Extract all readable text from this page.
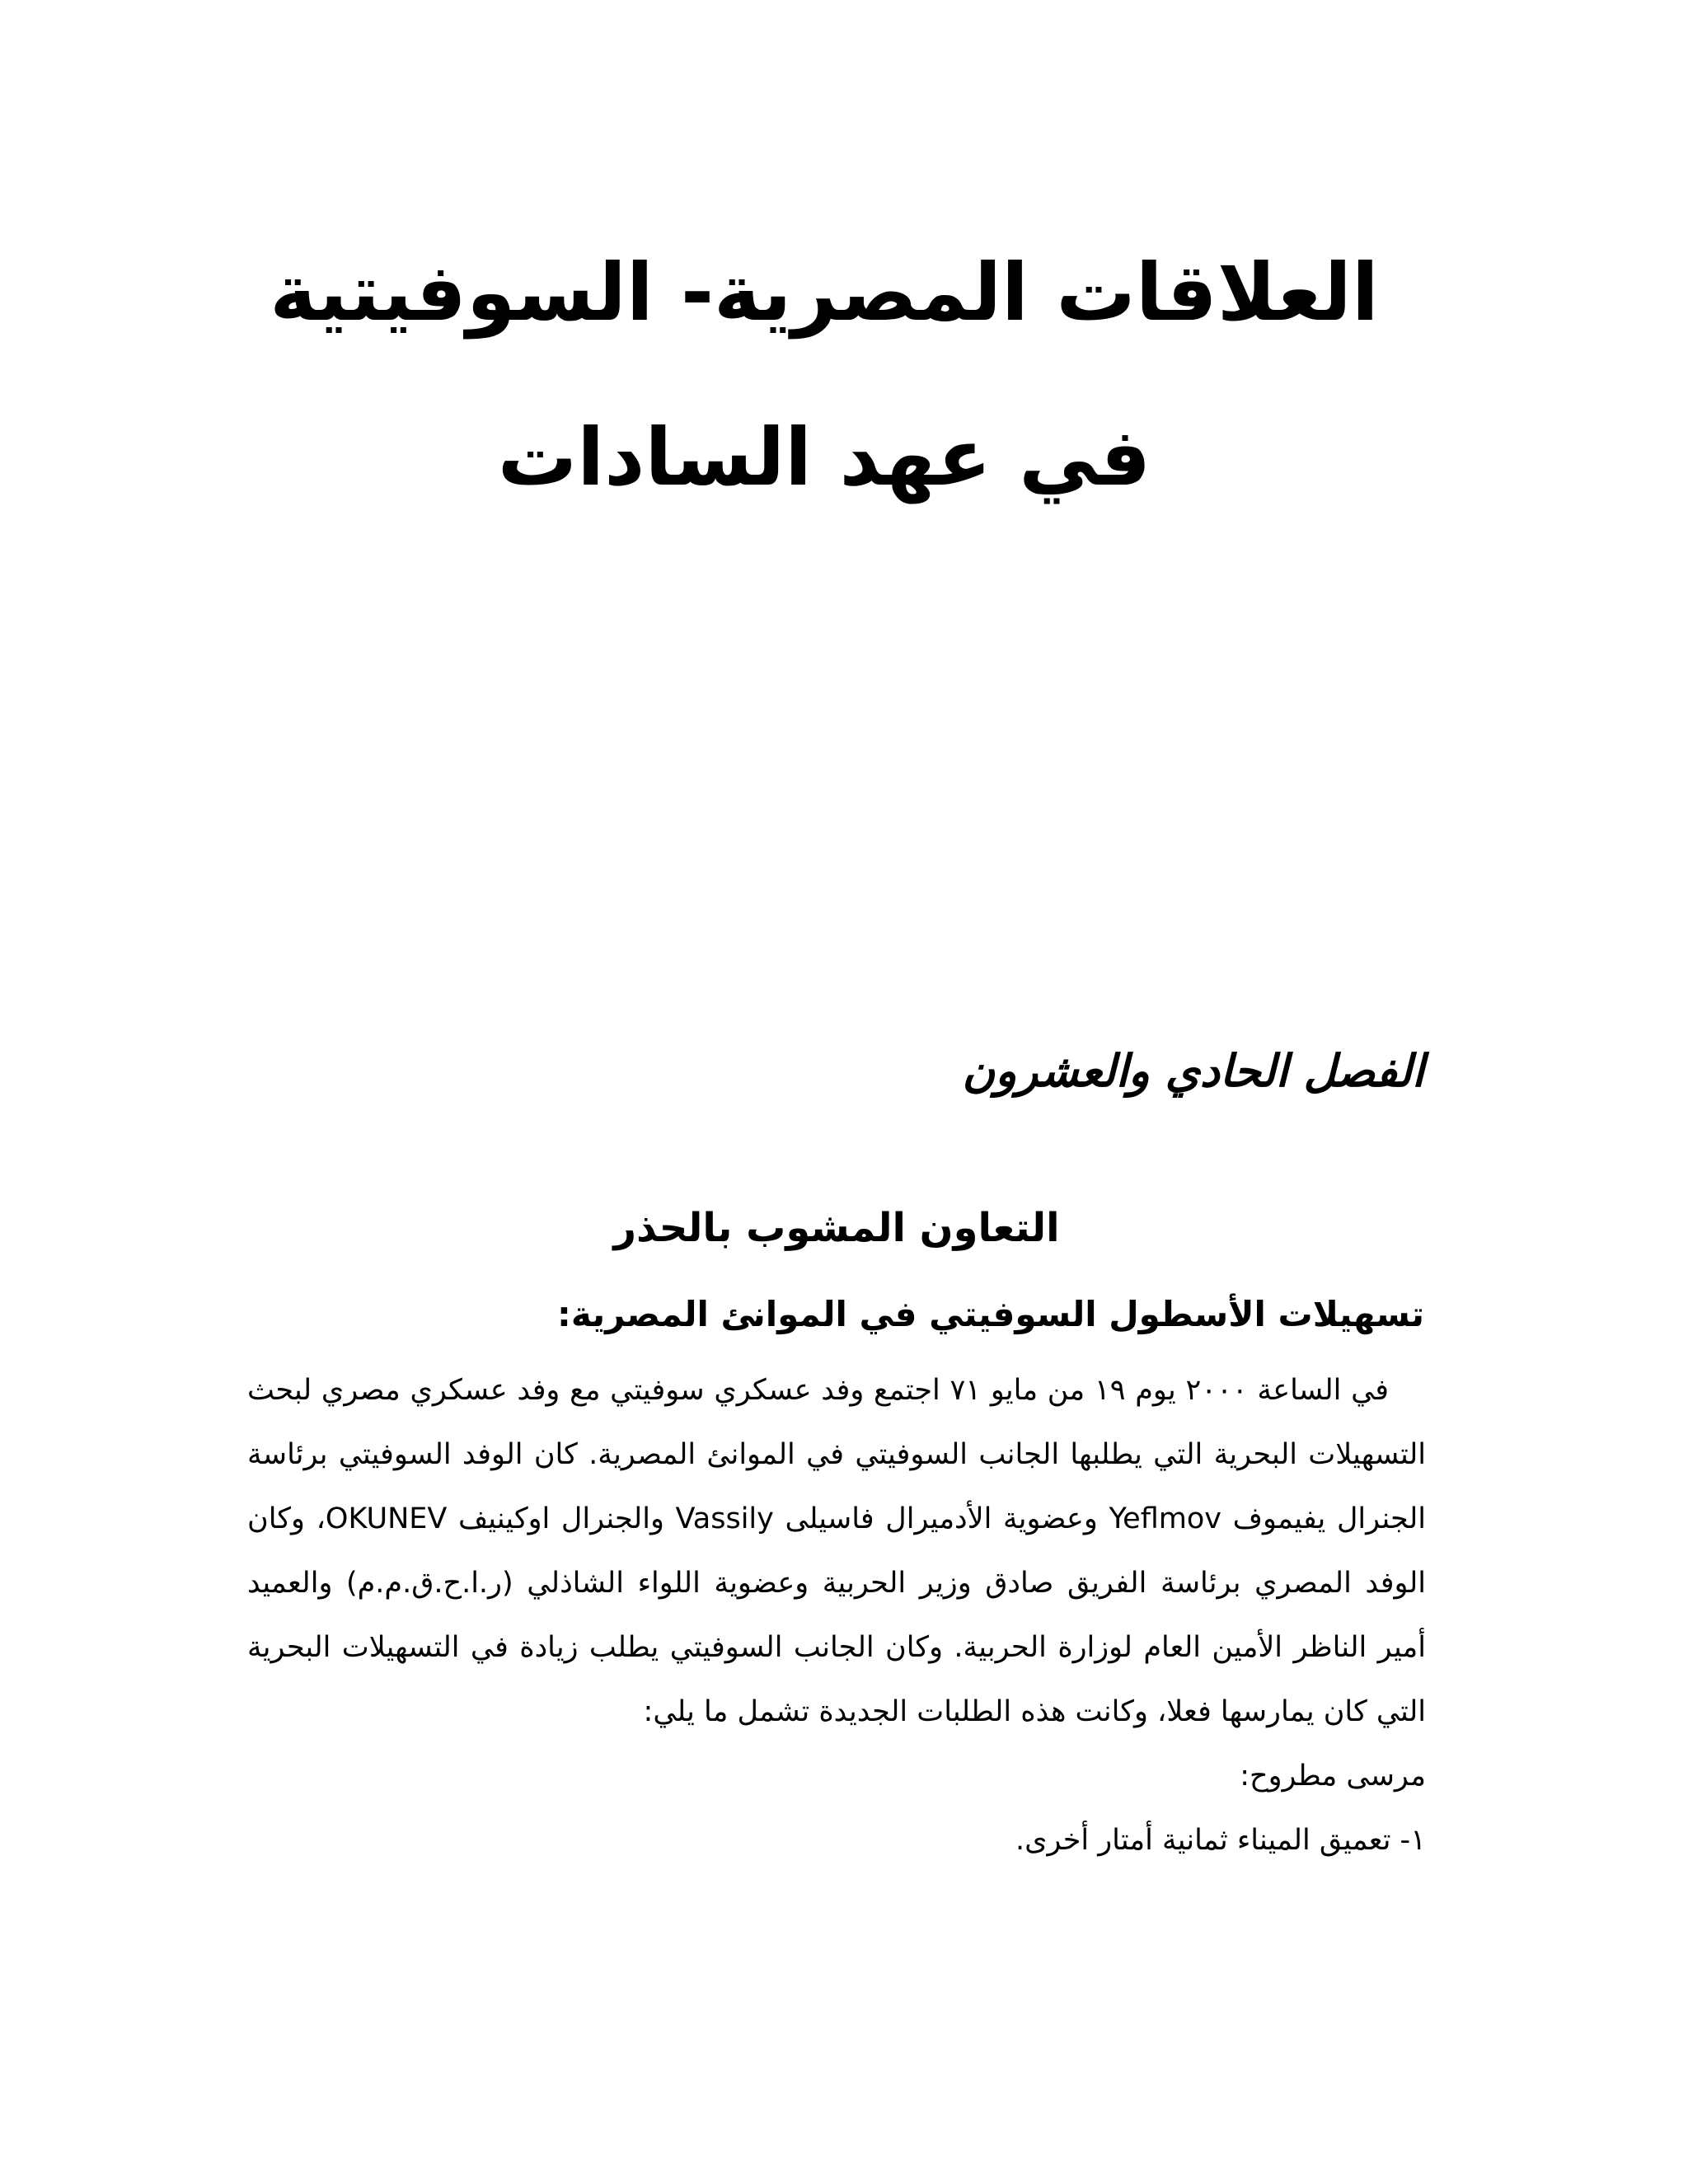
العلاقات المصرية- السوفيتية في عهد السادات
الفصل الحادي والعشرون
التعاون المشوب بالحذر
تسهيلات الأسطول السوفيتي في الموانئ المصرية:

في الساعة ٢٠٠٠ يوم ١٩ من مايو ٧١ اجتمع وفد عسكري سوفيتي مع وفد عسكري مصري لبحث التسهيلات البحرية التي يطلبها الجانب السوفيتي في الموانئ المصرية. كان الوفد السوفيتي برئاسة الجنرال يفيموف Yeflmov وعضوية الأدميرال فاسيلى Vassily والجنرال اوكينيف OKUNEV، وكان الوفد المصري برئاسة الفريق صادق وزير الحربية وعضوية اللواء الشاذلي (ر.ا.ح.ق.م.م) والعميد أمير الناظر الأمين العام لوزارة الحربية. وكان الجانب السوفيتي يطلب زيادة في التسهيلات البحرية التي كان يمارسها فعلا، وكانت هذه الطلبات الجديدة تشمل ما يلي:

مرسى مطروح:

١- تعميق الميناء ثمانية أمتار أخرى.
